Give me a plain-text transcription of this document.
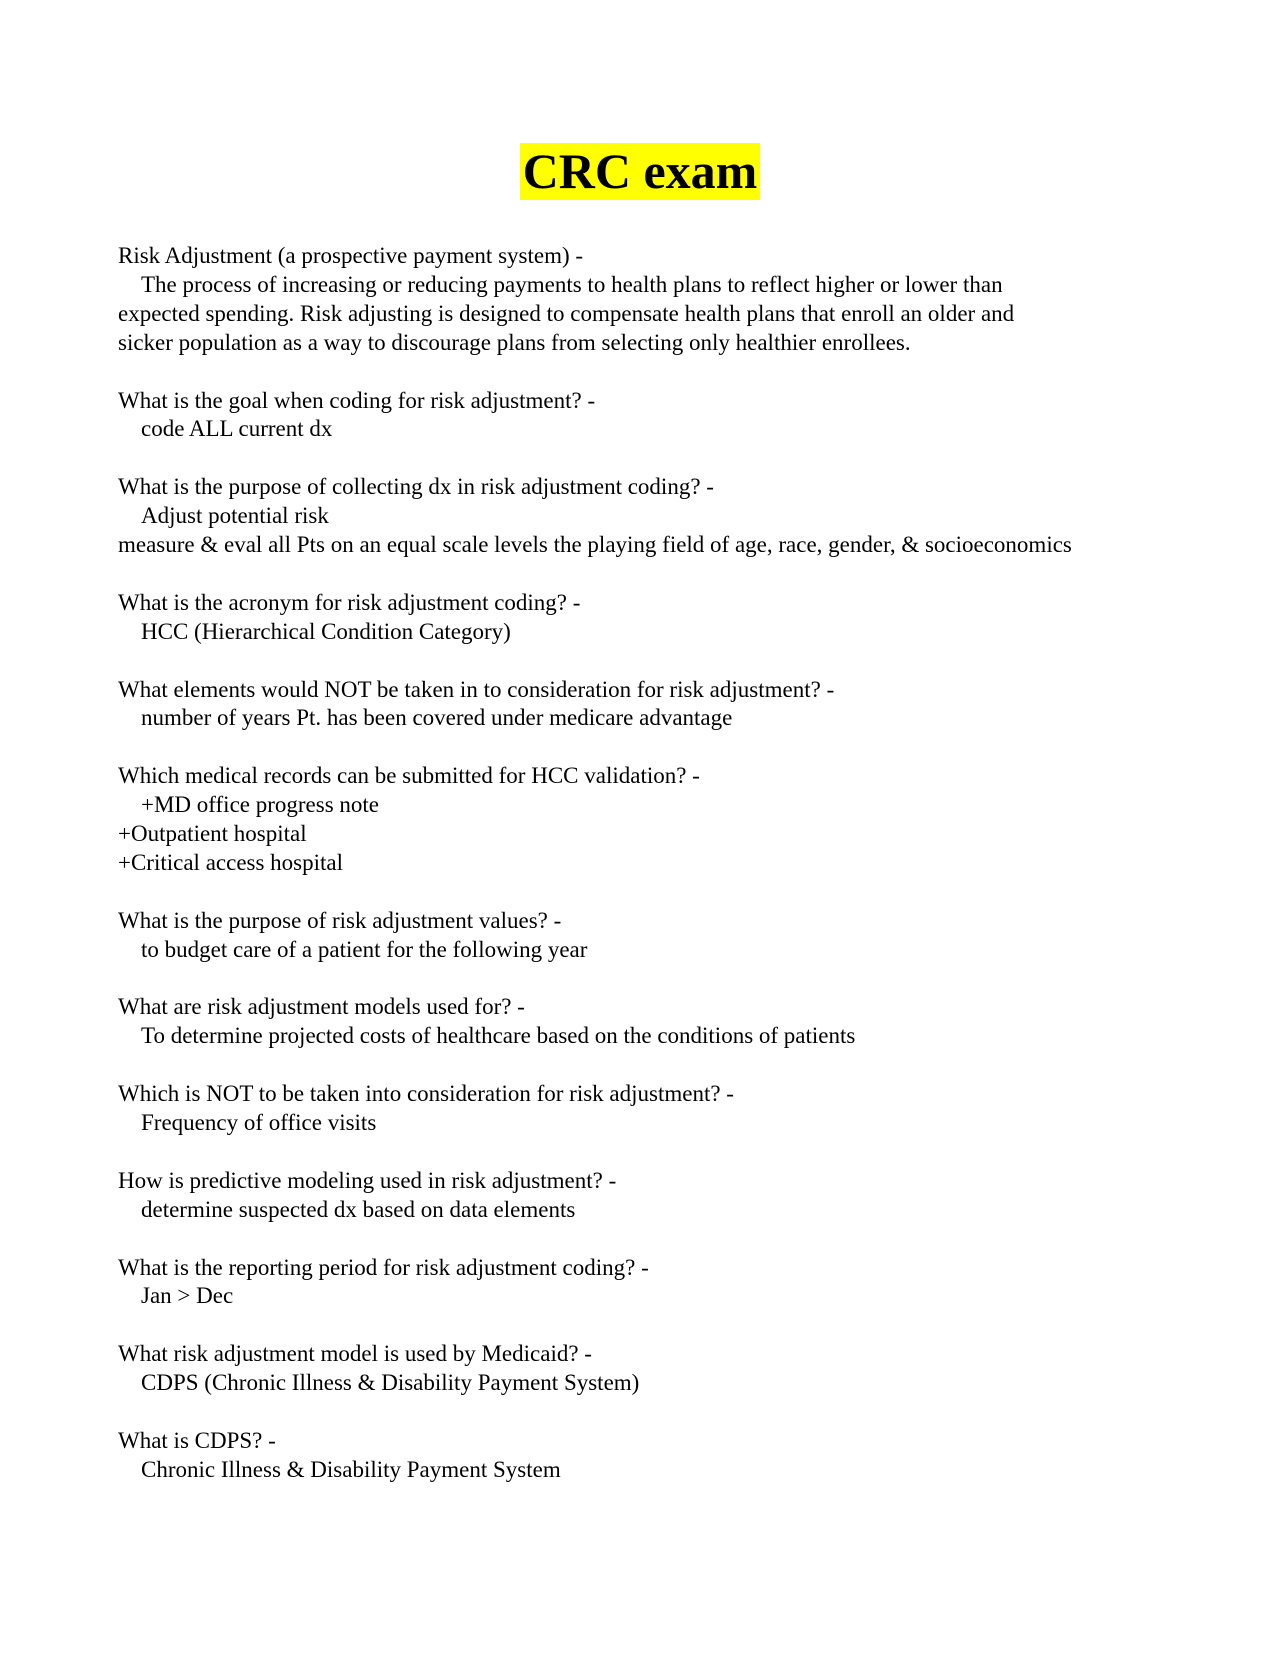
CRC exam

Risk Adjustment (a prospective payment system) -

The process of increasing or reducing payments to health plans to reflect higher or lower than
expected spending. Risk adjusting is designed to compensate health plans that enroll an older and
sicker population as a way to discourage plans from selecting only healthier enrollees.

What is the goal when coding for risk adjustment? -

code ALL current dx

What is the purpose of collecting dx in risk adjustment coding? -

Adjust potential risk
measure & eval all Pts on an equal scale levels the playing field of age, race, gender, & socioeconomics

What is the acronym for risk adjustment coding? -

HCC (Hierarchical Condition Category)

What elements would NOT be taken in to consideration for risk adjustment? -

number of years Pt. has been covered under medicare advantage

Which medical records can be submitted for HCC validation? -

+MD office progress note
+Outpatient hospital
+Critical access hospital

What is the purpose of risk adjustment values? -

to budget care of a patient for the following year

What are risk adjustment models used for? -

To determine projected costs of healthcare based on the conditions of patients

Which is NOT to be taken into consideration for risk adjustment? -

Frequency of office visits

How is predictive modeling used in risk adjustment? -

determine suspected dx based on data elements

What is the reporting period for risk adjustment coding? -

Jan > Dec

What risk adjustment model is used by Medicaid? -

CDPS (Chronic Illness & Disability Payment System)

What is CDPS? -

Chronic Illness & Disability Payment System
